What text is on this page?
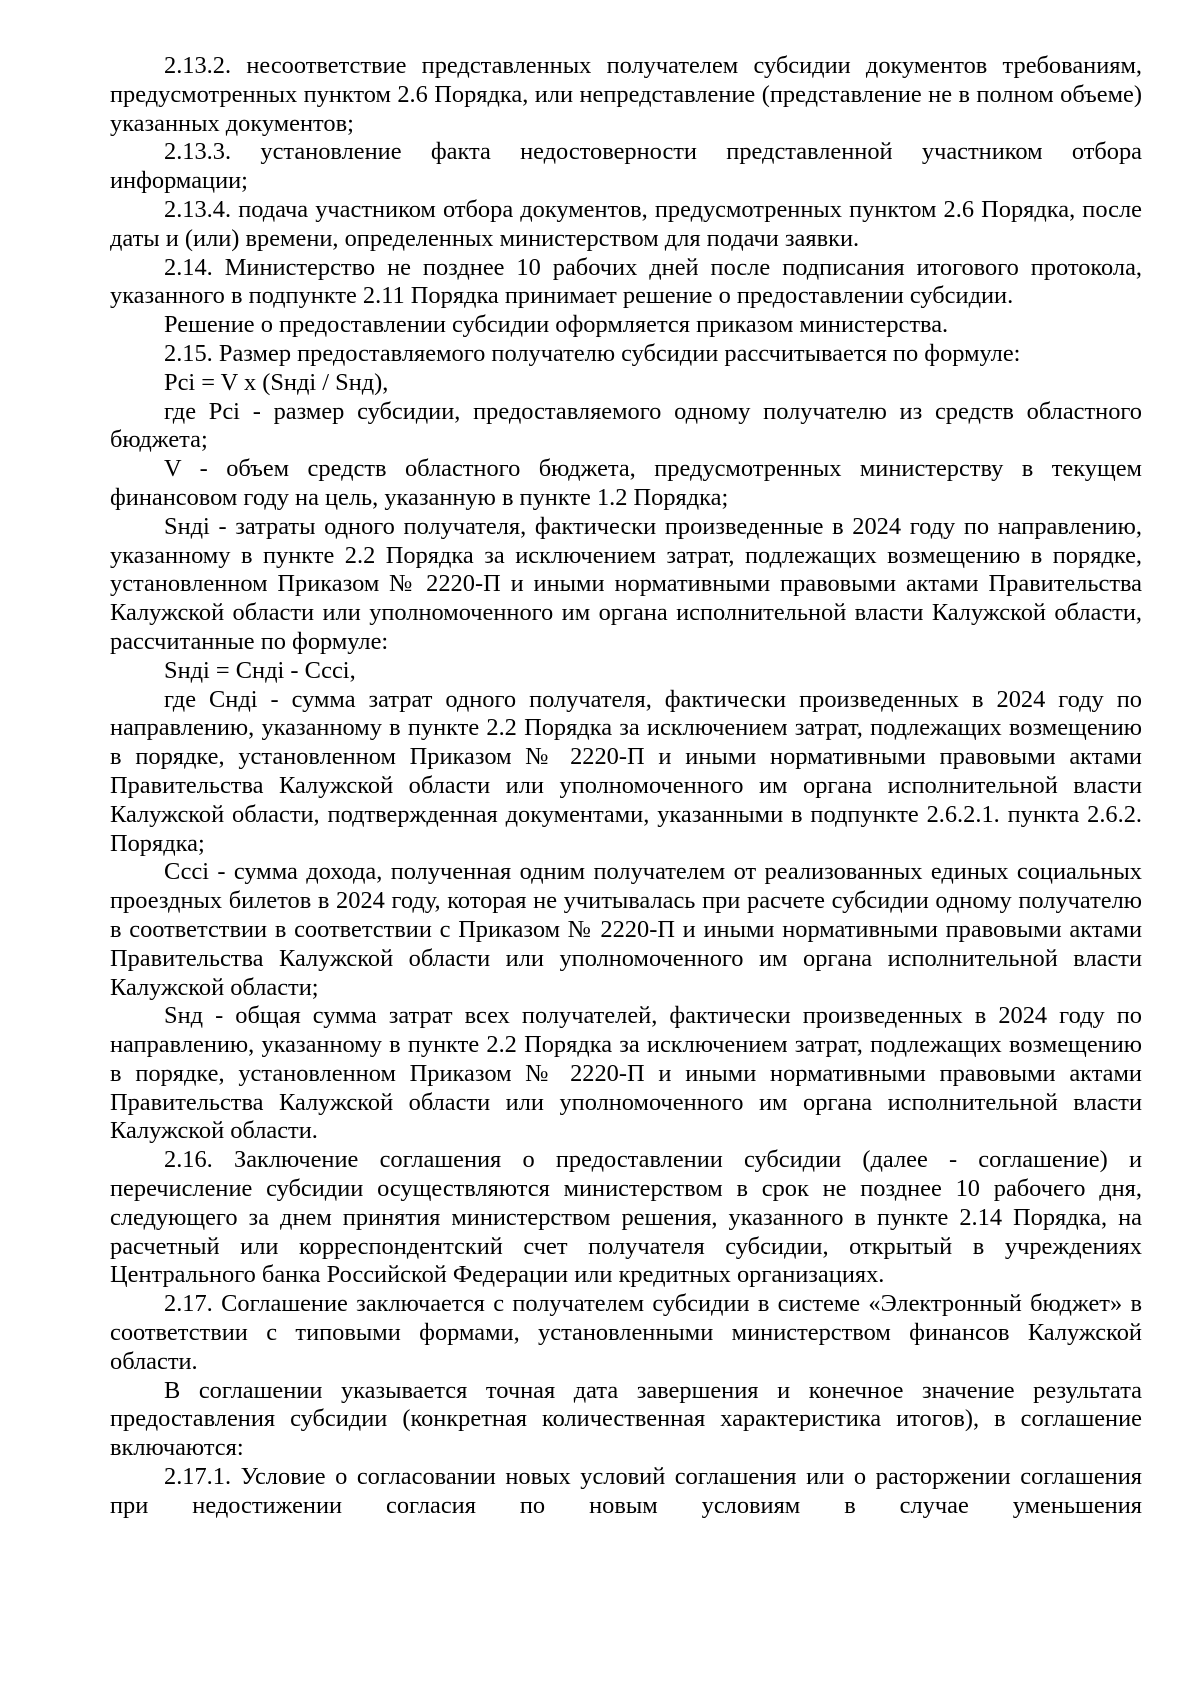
2.13.2. несоответствие представленных получателем субсидии документов требованиям, предусмотренных пунктом 2.6 Порядка, или непредставление (представление не в полном объеме) указанных документов;

2.13.3. установление факта недостоверности представленной участником отбора информации;

2.13.4. подача участником отбора документов, предусмотренных пунктом 2.6 Порядка, после даты и (или) времени, определенных министерством для подачи заявки.

2.14. Министерство не позднее 10 рабочих дней после подписания итогового протокола, указанного в подпункте 2.11 Порядка принимает решение о предоставлении субсидии.

Решение о предоставлении субсидии оформляется приказом министерства.

2.15. Размер предоставляемого получателю субсидии рассчитывается по формуле:

Pci = V x (Sнді / Sнд),

где Pci - размер субсидии, предоставляемого одному получателю из средств областного бюджета;

V - объем средств областного бюджета, предусмотренных министерству в текущем финансовом году на цель, указанную в пункте 1.2 Порядка;

Sнді - затраты одного получателя, фактически произведенные в 2024 году по направлению, указанному в пункте 2.2 Порядка за исключением затрат, подлежащих возмещению в порядке, установленном Приказом № 2220-П и иными нормативными правовыми актами Правительства Калужской области или уполномоченного им органа исполнительной власти Калужской области, рассчитанные по формуле:

Sнді = Снді - Сссі,

где Снді - сумма затрат одного получателя, фактически произведенных в 2024 году по направлению, указанному в пункте 2.2 Порядка за исключением затрат, подлежащих возмещению в порядке, установленном Приказом № 2220-П и иными нормативными правовыми актами Правительства Калужской области или уполномоченного им органа исполнительной власти Калужской области, подтвержденная документами, указанными в подпункте 2.6.2.1. пункта 2.6.2. Порядка;

Сссі - сумма дохода, полученная одним получателем от реализованных единых социальных проездных билетов в 2024 году, которая не учитывалась при расчете субсидии одному получателю в соответствии в соответствии с Приказом № 2220-П и иными нормативными правовыми актами Правительства Калужской области или уполномоченного им органа исполнительной власти Калужской области;

Sнд - общая сумма затрат всех получателей, фактически произведенных в 2024 году по направлению, указанному в пункте 2.2 Порядка за исключением затрат, подлежащих возмещению в порядке, установленном Приказом № 2220-П и иными нормативными правовыми актами Правительства Калужской области или уполномоченного им органа исполнительной власти Калужской области.

2.16. Заключение соглашения о предоставлении субсидии (далее - соглашение) и перечисление субсидии осуществляются министерством в срок не позднее 10 рабочего дня, следующего за днем принятия министерством решения, указанного в пункте 2.14 Порядка, на расчетный или корреспондентский счет получателя субсидии, открытый в учреждениях Центрального банка Российской Федерации или кредитных организациях.

2.17. Соглашение заключается с получателем субсидии в системе «Электронный бюджет» в соответствии с типовыми формами, установленными министерством финансов Калужской области.

В соглашении указывается точная дата завершения и конечное значение результата предоставления субсидии (конкретная количественная характеристика итогов), в соглашение включаются:

2.17.1. Условие о согласовании новых условий соглашения или о расторжении соглашения при недостижении согласия по новым условиям в случае уменьшения
